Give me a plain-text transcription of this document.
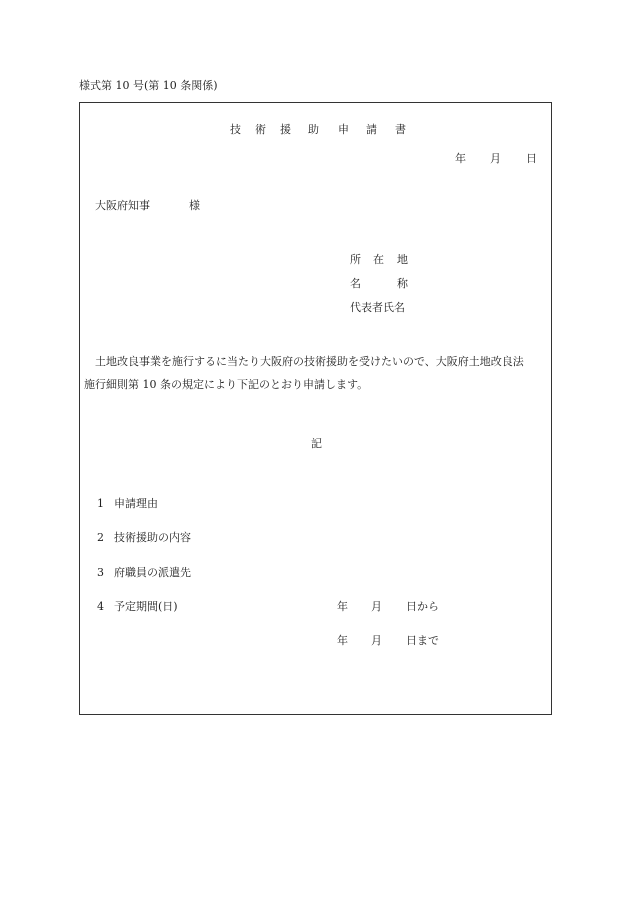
様式第 10 号(第 10 条関係)
技 術 援 助 申 請 書
年 月 日
大阪府知事	様
所 在 地
名	称
代表者氏名
土地改良事業を施行するに当たり大阪府の技術援助を受けたいので、大阪府土地改良法
施行細則第 10 条の規定により下記のとおり申請します。
記
1 申請理由
2 技術援助の内容
3 府職員の派遣先
4 予定期間(日)	年 月 日から
年 月 日まで
